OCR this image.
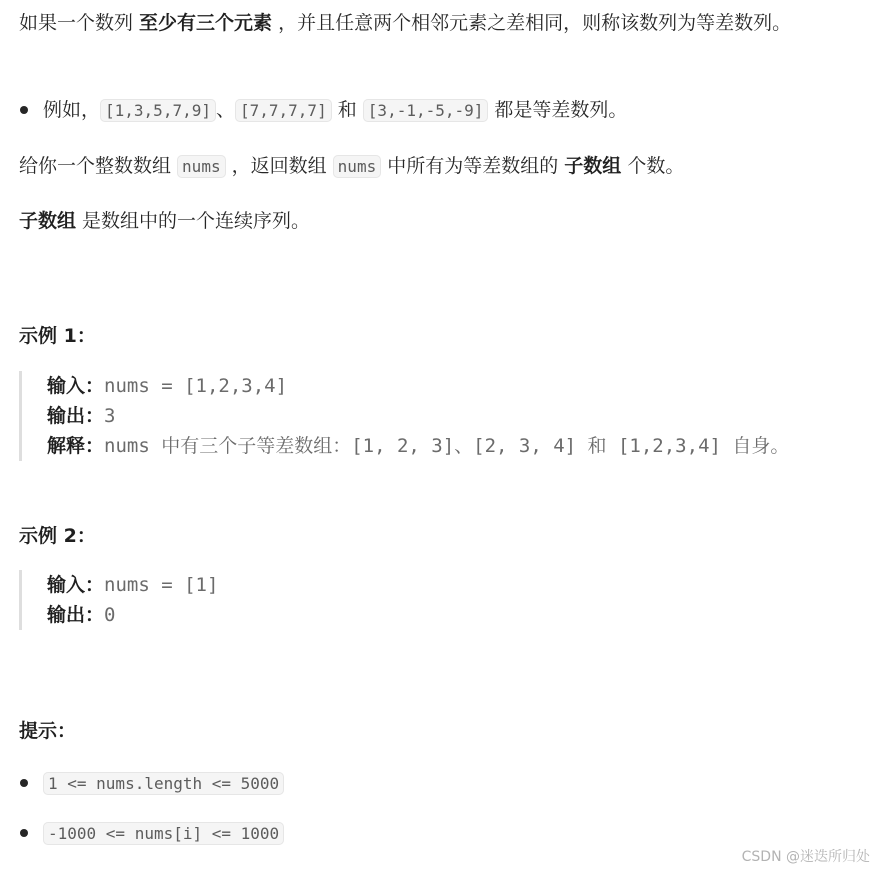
如果一个数列 至少有三个元素 ，并且任意两个相邻元素之差相同，则称该数列为等差数列。
例如， [1,3,5,7,9] 、 [7,7,7,7] 和 [3,-1,-5,-9] 都是等差数列。
给你一个整数数组 nums ，返回数组 nums 中所有为等差数组的 子数组 个数。
子数组 是数组中的一个连续序列。
示例 1：
输入：nums = [1,2,3,4]
输出：3
解释：nums 中有三个子等差数组：[1, 2, 3]、[2, 3, 4] 和 [1,2,3,4] 自身。
示例 2：
输入：nums = [1]
输出：0
提示：
1 <= nums.length <= 5000
-1000 <= nums[i] <= 1000
CSDN @迷迭所归处
